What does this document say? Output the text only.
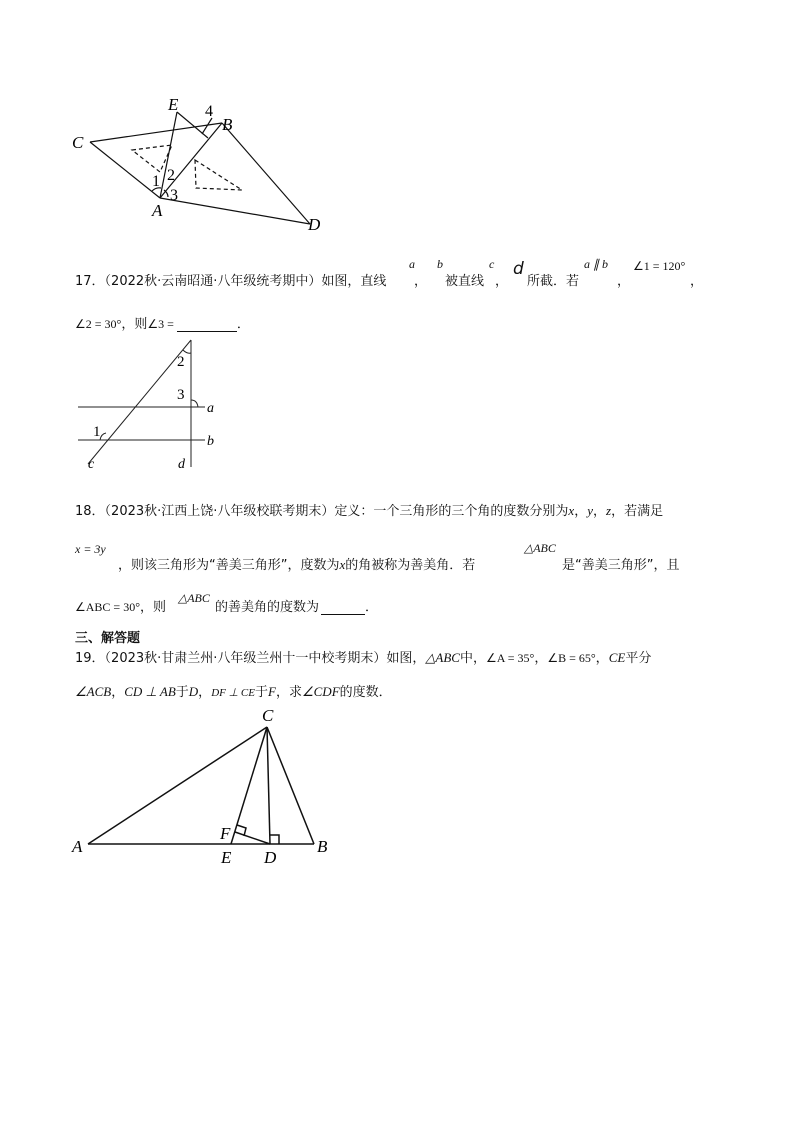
C
E 4
B
1 2
3
A
D
17．（2022秋·云南昭通·八年级统考期中）如图，直线
a
，
b
被直线
c
，
d
所截．若
a ∥ b
，
∠1 = 120°
，
∠2 = 30°，则∠3 =	．
2
3
a
1
b
c	d
18．（2023秋·江西上饶·八年级校联考期末）定义：一个三角形的三个角的度数分别为x，y，z，若满足
x = 3y
，则该三角形为“善美三角形”，度数为x的角被称为善美角．若
△ABC
是“善美三角形”，且
∠ABC = 30°，则
△ABC
的善美角的度数为	．
三、解答题
19．（2023秋·甘肃兰州·八年级兰州十一中校考期末）如图，△ABC中，∠A = 35°，∠B = 65°，CE平分
∠ACB，CD ⊥ AB于D，DF ⊥ CE于F，求∠CDF的度数．
C
F
A
E D
B
